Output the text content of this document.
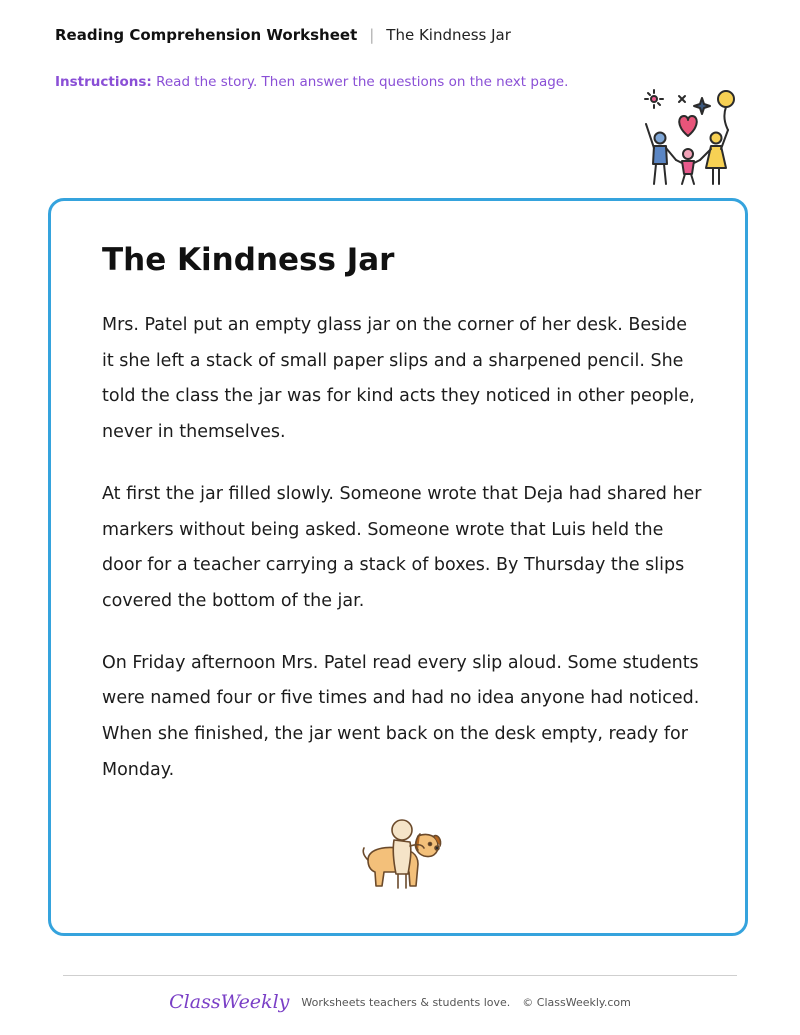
Reading Comprehension Worksheet | The Kindness Jar
Instructions: Read the story. Then answer the questions on the next page.
The Kindness Jar

Mrs. Patel put an empty glass jar on the corner of her desk. Beside it she left a stack of small paper slips and a sharpened pencil. She told the class the jar was for kind acts they noticed in other people, never in themselves.

At first the jar filled slowly. Someone wrote that Deja had shared her markers without being asked. Someone wrote that Luis held the door for a teacher carrying a stack of boxes. By Thursday the slips covered the bottom of the jar.

On Friday afternoon Mrs. Patel read every slip aloud. Some students were named four or five times and had no idea anyone had noticed. When she finished, the jar went back on the desk empty, ready for Monday.

ClassWeekly Worksheets teachers & students love. © ClassWeekly.com
